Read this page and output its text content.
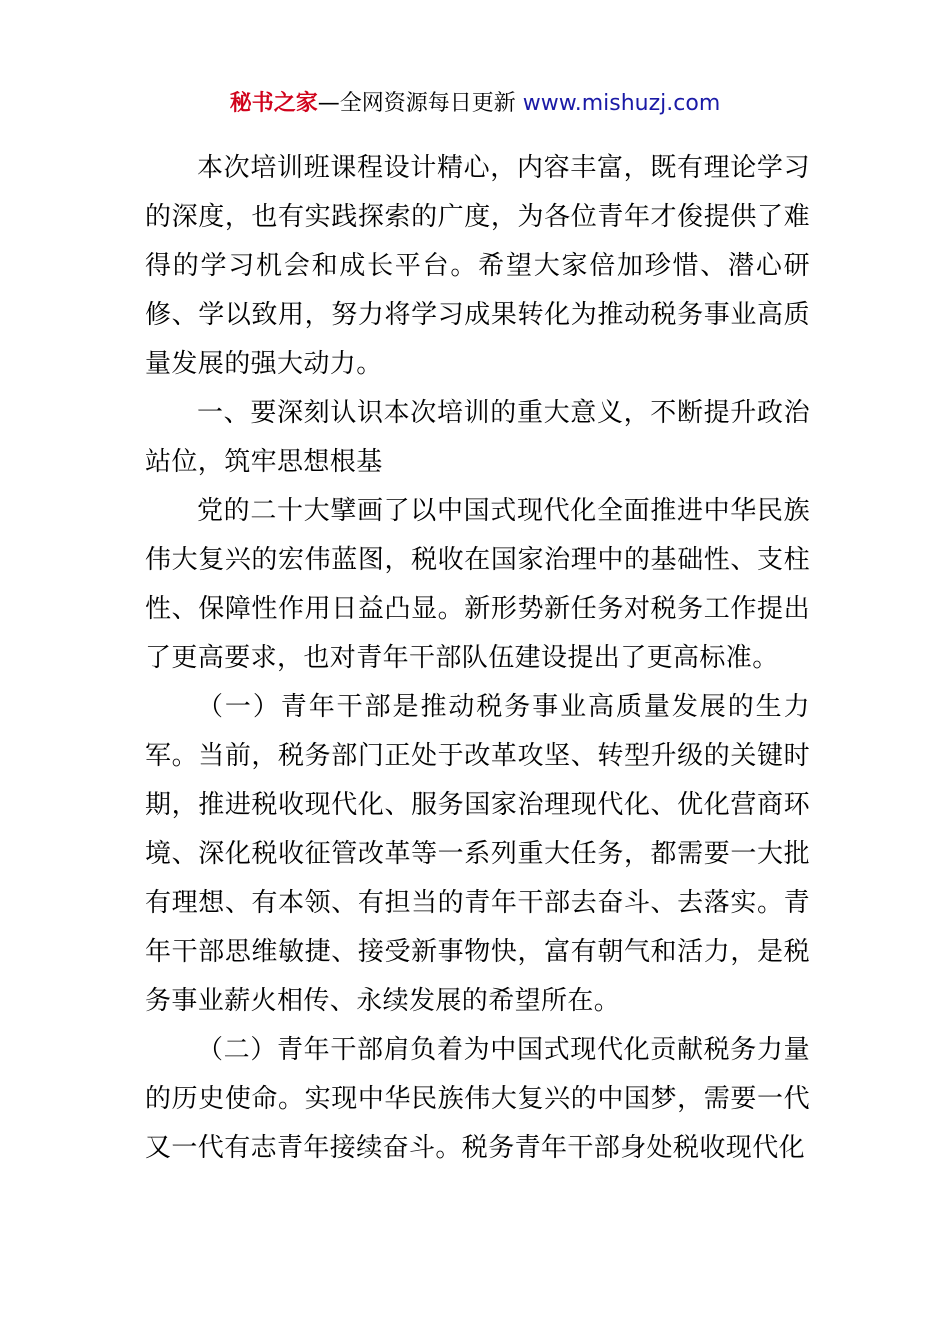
秘书之家—全网资源每日更新 www.mishuzj.com

本次培训班课程设计精心，内容丰富，既有理论学习的深度，也有实践探索的广度，为各位青年才俊提供了难得的学习机会和成长平台。希望大家倍加珍惜、潜心研修、学以致用，努力将学习成果转化为推动税务事业高质量发展的强大动力。

一、要深刻认识本次培训的重大意义，不断提升政治站位，筑牢思想根基

党的二十大擘画了以中国式现代化全面推进中华民族伟大复兴的宏伟蓝图，税收在国家治理中的基础性、支柱性、保障性作用日益凸显。新形势新任务对税务工作提出了更高要求，也对青年干部队伍建设提出了更高标准。

（一）青年干部是推动税务事业高质量发展的生力军。当前，税务部门正处于改革攻坚、转型升级的关键时期，推进税收现代化、服务国家治理现代化、优化营商环境、深化税收征管改革等一系列重大任务，都需要一大批有理想、有本领、有担当的青年干部去奋斗、去落实。青年干部思维敏捷、接受新事物快，富有朝气和活力，是税务事业薪火相传、永续发展的希望所在。

（二）青年干部肩负着为中国式现代化贡献税务力量的历史使命。实现中华民族伟大复兴的中国梦，需要一代又一代有志青年接续奋斗。税务青年干部身处税收现代化
